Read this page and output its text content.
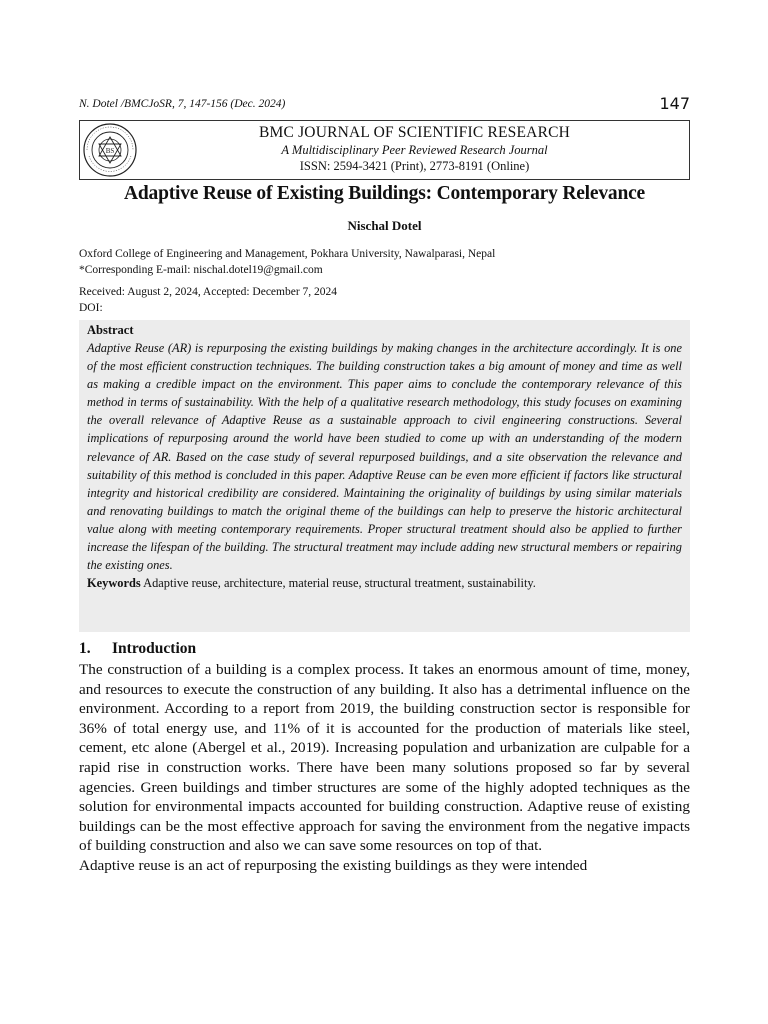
N. Dotel /BMCJoSR, 7, 147-156 (Dec. 2024)	147
BS
BMC JOURNAL OF SCIENTIFIC RESEARCH
A Multidisciplinary Peer Reviewed Research Journal
ISSN: 2594-3421 (Print), 2773-8191 (Online)
Adaptive Reuse of Existing Buildings: Contemporary Relevance
Nischal Dotel
Oxford College of Engineering and Management, Pokhara University, Nawalparasi, Nepal
*Corresponding E-mail: nischal.dotel19@gmail.com
Received: August 2, 2024, Accepted: December 7, 2024
DOI:
Abstract

Adaptive Reuse (AR) is repurposing the existing buildings by making changes in the architecture accordingly. It is one of the most efficient construction techniques. The building construction takes a big amount of money and time as well as making a credible impact on the environment. This paper aims to conclude the contemporary relevance of this method in terms of sustainability. With the help of a qualitative research methodology, this study focuses on examining the overall relevance of Adaptive Reuse as a sustainable approach to civil engineering constructions. Several implications of repurposing around the world have been studied to come up with an understanding of the modern relevance of AR. Based on the case study of several repurposed buildings, and a site observation the relevance and suitability of this method is concluded in this paper. Adaptive Reuse can be even more efficient if factors like structural integrity and historical credibility are considered. Maintaining the originality of buildings by using similar materials and renovating buildings to match the original theme of the buildings can help to preserve the historic architectural value along with meeting contemporary requirements. Proper structural treatment should also be applied to further increase the lifespan of the building. The structural treatment may include adding new structural members or repairing the existing ones.

Keywords Adaptive reuse, architecture, material reuse, structural treatment, sustainability.
1. Introduction

The construction of a building is a complex process. It takes an enormous amount of time, money, and resources to execute the construction of any building. It also has a detrimental influence on the environment. According to a report from 2019, the building construction sector is responsible for 36% of total energy use, and 11% of it is accounted for the production of materials like steel, cement, etc alone (Abergel et al., 2019). Increasing population and urbanization are culpable for a rapid rise in construction works. There have been many solutions proposed so far by several agencies. Green buildings and timber structures are some of the highly adopted techniques as the solution for environmental impacts accounted for building construction. Adaptive reuse of existing buildings can be the most effective approach for saving the environment from the negative impacts of building construction and also we can save some resources on top of that.

Adaptive reuse is an act of repurposing the existing buildings as they were intended
